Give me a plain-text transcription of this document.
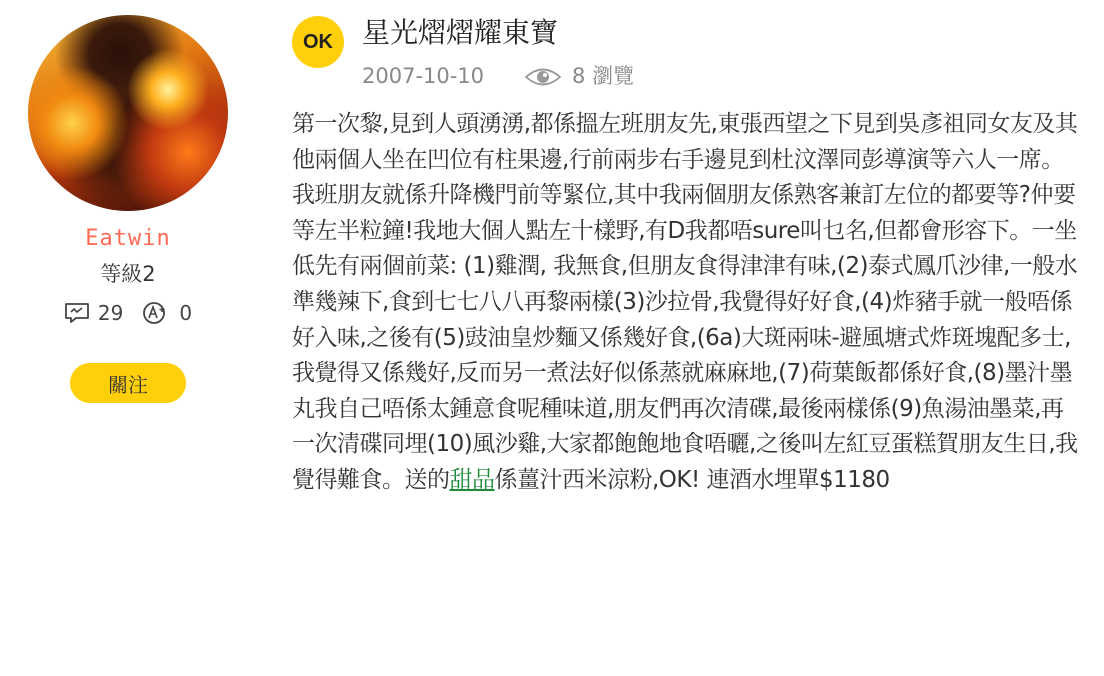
Eatwin
等級2
29	0
關注
OK	星光熠熠耀東寶
2007-10-10	8 瀏覽
第一次黎,見到人頭湧湧,都係搵左班朋友先,東張西望之下見到吳彥祖同女友及其他兩個人坐在凹位有柱果邊,行前兩步右手邊見到杜汶澤同彭導演等六人一席。我班朋友就係升降機門前等緊位,其中我兩個朋友係熟客兼訂左位的都要等?仲要等左半粒鐘!我地大個人點左十樣野,有D我都唔sure叫乜名,但都會形容下。一坐低先有兩個前菜: (1)雞潤, 我無食,但朋友食得津津有味,(2)泰式鳳爪沙律,一般水準幾辣下,食到七七八八再黎兩樣(3)沙拉骨,我覺得好好食,(4)炸豬手就一般唔係好入味,之後有(5)豉油皇炒麵又係幾好食,(6a)大斑兩味-避風塘式炸斑塊配多士,我覺得又係幾好,反而另一煮法好似係蒸就麻麻地,(7)荷葉飯都係好食,(8)墨汁墨丸我自己唔係太鍾意食呢種味道,朋友們再次清碟,最後兩樣係(9)魚湯油墨菜,再一次清碟同埋(10)風沙雞,大家都飽飽地食唔曬,之後叫左紅豆蛋糕賀朋友生日,我覺得難食。送的甜品係薑汁西米涼粉,OK! 連酒水埋單$1180
